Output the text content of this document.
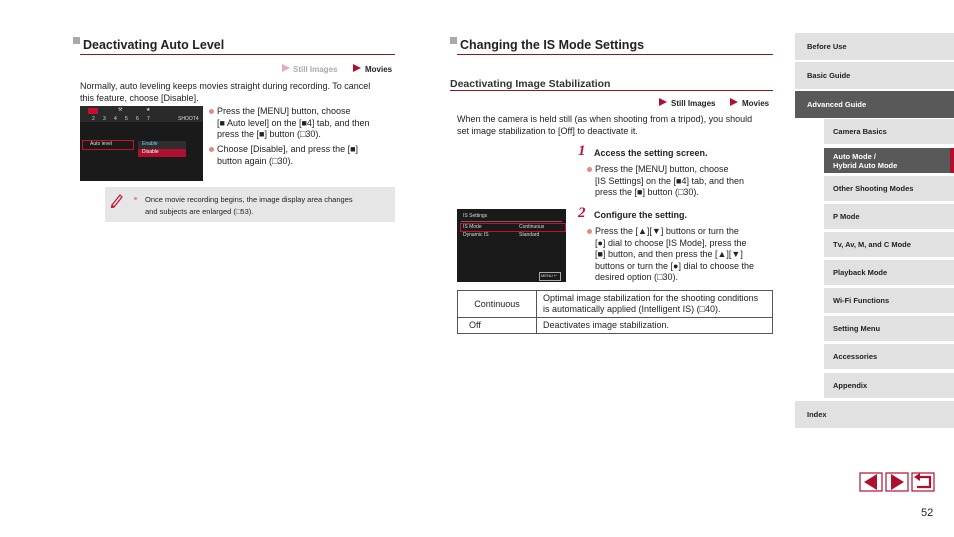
Deactivating Auto Level
Still Images	Movies
Normally, auto leveling keeps movies straight during recording. To cancel
this feature, choose [Disable].
⚒	★
2 3 4 5 6 7	SHOOT4
Auto level	Enable
Disable
Press the [MENU] button, choose
[■ Auto level] on the [■4] tab, and then
press the [■] button (□30).
Choose [Disable], and press the [■]
button again (□30).
Once movie recording begins, the image display area changes
and subjects are enlarged (□53).
Changing the IS Mode Settings
Deactivating Image Stabilization
Still Images	Movies
When the camera is held still (as when shooting from a tripod), you should
set image stabilization to [Off] to deactivate it.
1 Access the setting screen.
Press the [MENU] button, choose
[IS Settings] on the [■4] tab, and then
press the [■] button (□30).
2 Configure the setting.
Press the [▲][▼] buttons or turn the
[●] dial to choose [IS Mode], press the
[■] button, and then press the [▲][▼]
buttons or turn the [●] dial to choose the
desired option (□30).
IS Settings
IS Mode	Continuous
Dynamic IS	Standard
MENU ↵
Continuous	Optimal image stabilization for the shooting conditions
is automatically applied (Intelligent IS) (□40).

Off	Deactivates image stabilization.
Before Use
Basic Guide
Advanced Guide
Camera Basics
Auto Mode /
Hybrid Auto Mode
Other Shooting Modes
P Mode
Tv, Av, M, and C Mode
Playback Mode
Wi-Fi Functions
Setting Menu
Accessories
Appendix
Index
52
